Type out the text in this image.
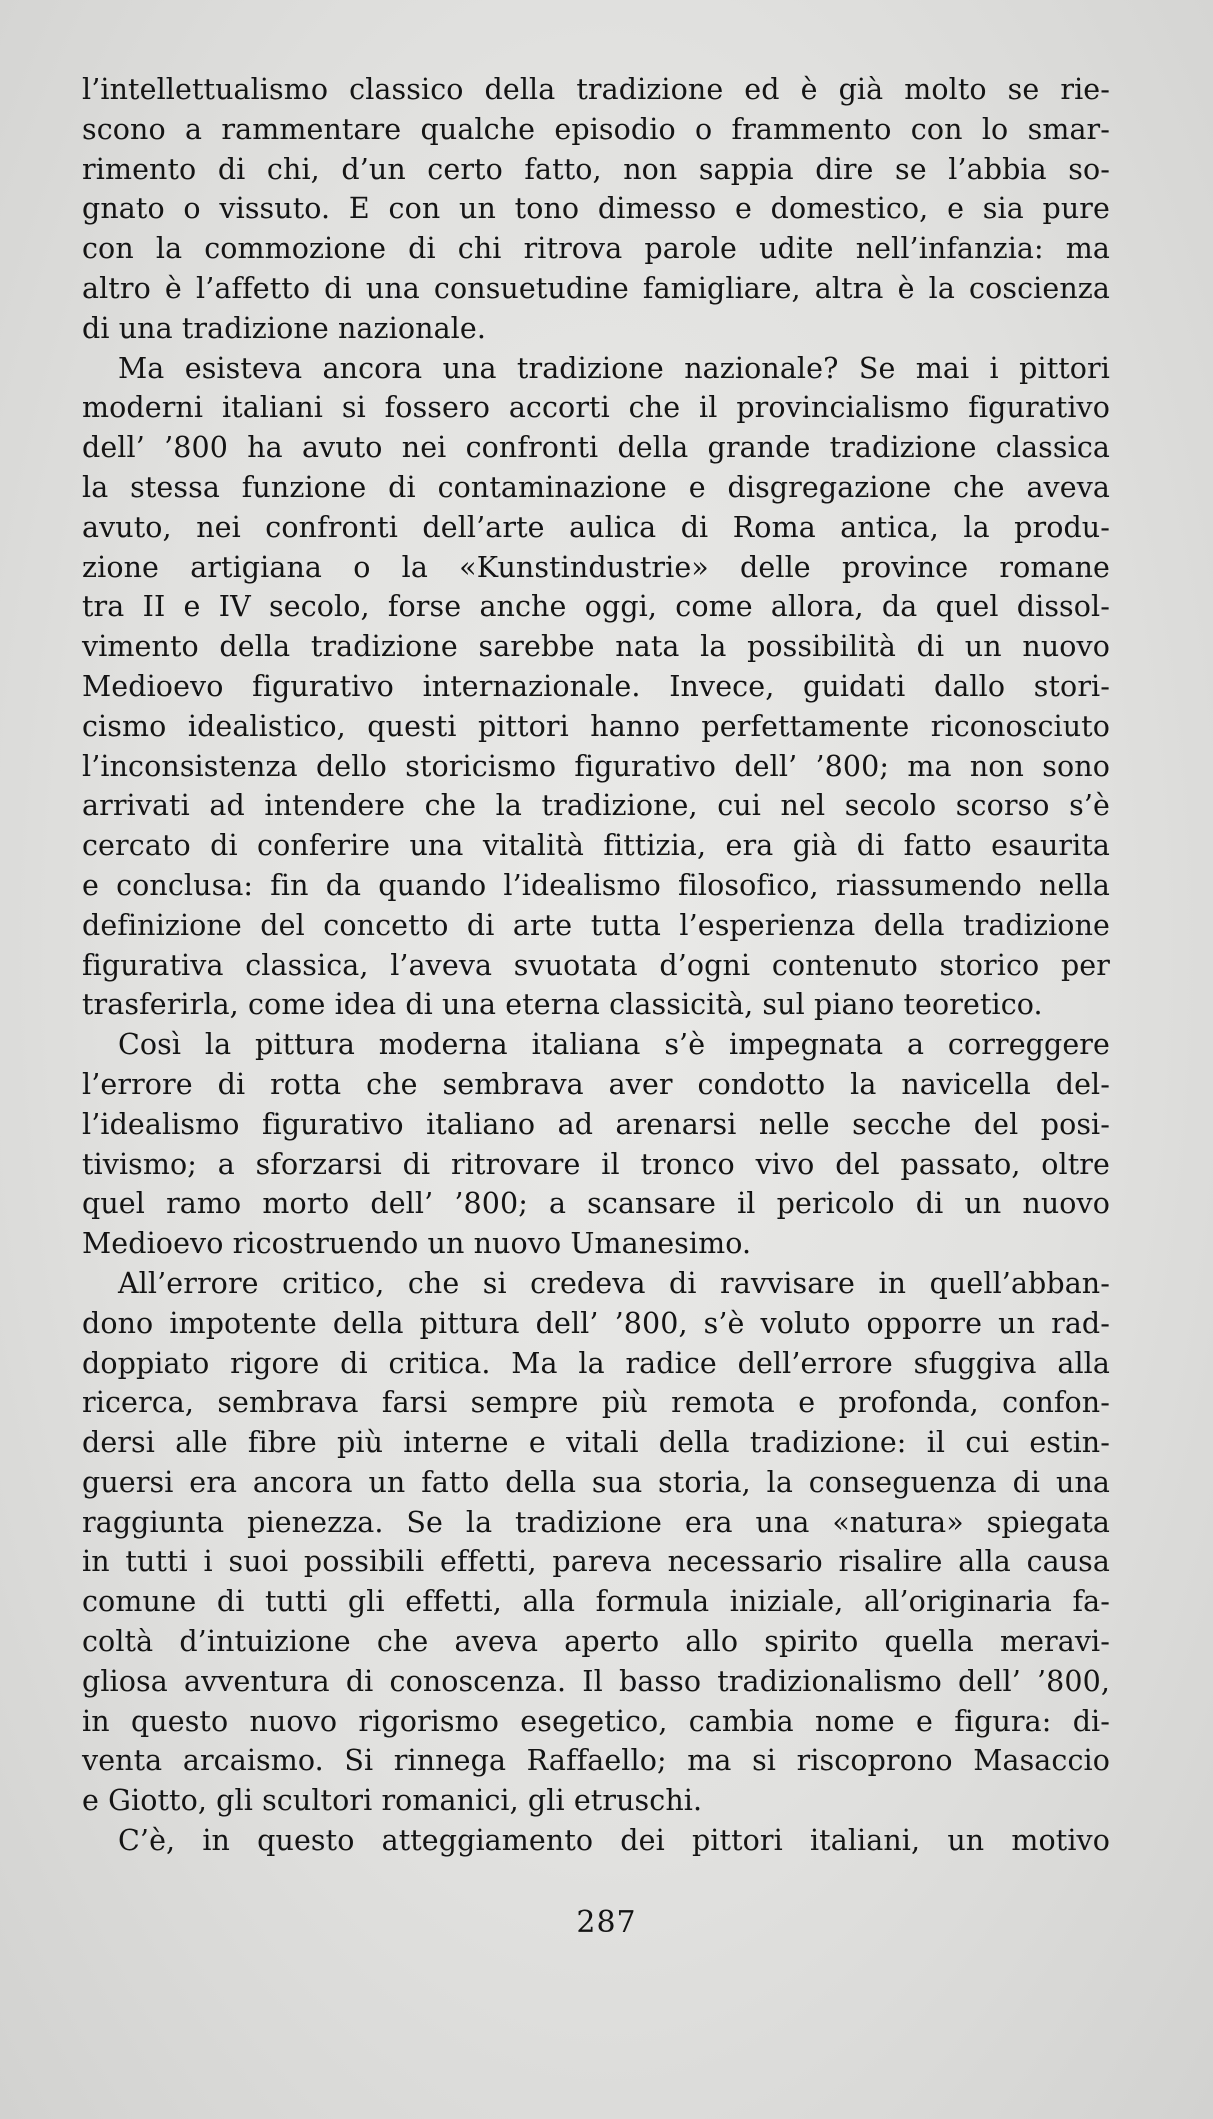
l’intellettualismo classico della tradizione ed è già molto se rie-
scono a rammentare qualche episodio o frammento con lo smar-
rimento di chi, d’un certo fatto, non sappia dire se l’abbia so-
gnato o vissuto. E con un tono dimesso e domestico, e sia pure
con la commozione di chi ritrova parole udite nell’infanzia: ma
altro è l’affetto di una consuetudine famigliare, altra è la coscienza
di una tradizione nazionale.
Ma esisteva ancora una tradizione nazionale? Se mai i pittori
moderni italiani si fossero accorti che il provincialismo figurativo
dell’ ’800 ha avuto nei confronti della grande tradizione classica
la stessa funzione di contaminazione e disgregazione che aveva
avuto, nei confronti dell’arte aulica di Roma antica, la produ-
zione artigiana o la «Kunstindustrie» delle province romane
tra II e IV secolo, forse anche oggi, come allora, da quel dissol-
vimento della tradizione sarebbe nata la possibilità di un nuovo
Medioevo figurativo internazionale. Invece, guidati dallo stori-
cismo idealistico, questi pittori hanno perfettamente riconosciuto
l’inconsistenza dello storicismo figurativo dell’ ’800; ma non sono
arrivati ad intendere che la tradizione, cui nel secolo scorso s’è
cercato di conferire una vitalità fittizia, era già di fatto esaurita
e conclusa: fin da quando l’idealismo filosofico, riassumendo nella
definizione del concetto di arte tutta l’esperienza della tradizione
figurativa classica, l’aveva svuotata d’ogni contenuto storico per
trasferirla, come idea di una eterna classicità, sul piano teoretico.
Così la pittura moderna italiana s’è impegnata a correggere
l’errore di rotta che sembrava aver condotto la navicella del-
l’idealismo figurativo italiano ad arenarsi nelle secche del posi-
tivismo; a sforzarsi di ritrovare il tronco vivo del passato, oltre
quel ramo morto dell’ ’800; a scansare il pericolo di un nuovo
Medioevo ricostruendo un nuovo Umanesimo.
All’errore critico, che si credeva di ravvisare in quell’abban-
dono impotente della pittura dell’ ’800, s’è voluto opporre un rad-
doppiato rigore di critica. Ma la radice dell’errore sfuggiva alla
ricerca, sembrava farsi sempre più remota e profonda, confon-
dersi alle fibre più interne e vitali della tradizione: il cui estin-
guersi era ancora un fatto della sua storia, la conseguenza di una
raggiunta pienezza. Se la tradizione era una «natura» spiegata
in tutti i suoi possibili effetti, pareva necessario risalire alla causa
comune di tutti gli effetti, alla formula iniziale, all’originaria fa-
coltà d’intuizione che aveva aperto allo spirito quella meravi-
gliosa avventura di conoscenza. Il basso tradizionalismo dell’ ’800,
in questo nuovo rigorismo esegetico, cambia nome e figura: di-
venta arcaismo. Si rinnega Raffaello; ma si riscoprono Masaccio
e Giotto, gli scultori romanici, gli etruschi.
C’è, in questo atteggiamento dei pittori italiani, un motivo
287
